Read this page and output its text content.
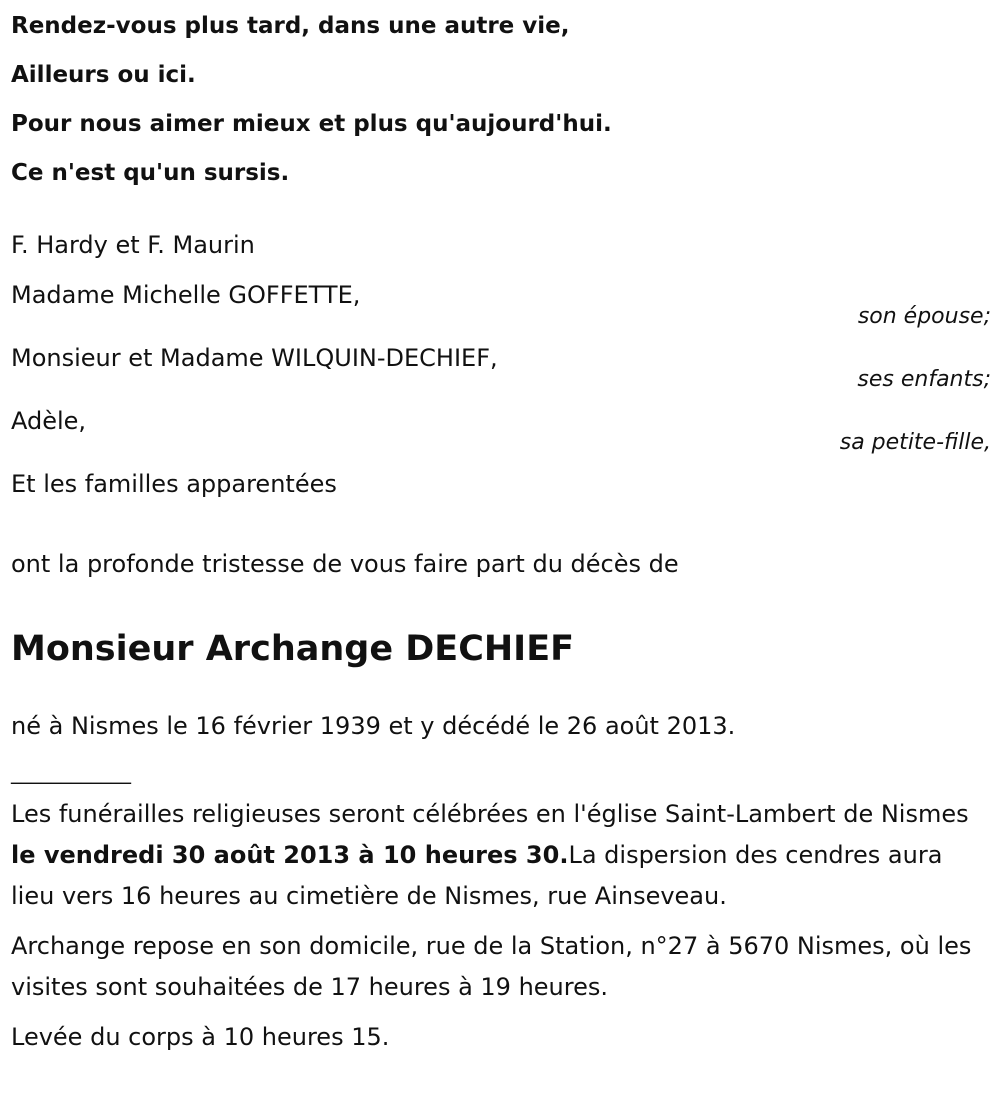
Rendez-vous plus tard, dans une autre vie,
Ailleurs ou ici.
Pour nous aimer mieux et plus qu'aujourd'hui.
Ce n'est qu'un sursis.
F. Hardy et F. Maurin
Madame Michelle GOFFETTE,
son épouse;
Monsieur et Madame WILQUIN-DECHIEF,
ses enfants;
Adèle,
sa petite-fille,
Et les familles apparentées
ont la profonde tristesse de vous faire part du décès de
Monsieur Archange DECHIEF
né à Nismes le 16 février 1939 et y décédé le 26 août 2013.
____________
Les funérailles religieuses seront célébrées en l'église Saint-Lambert de Nismes le vendredi 30 août 2013 à 10 heures 30.La dispersion des cendres aura lieu vers 16 heures au cimetière de Nismes, rue Ainseveau.
Archange repose en son domicile, rue de la Station, n°27 à 5670 Nismes, où les visites sont souhaitées de 17 heures à 19 heures.
Levée du corps à 10 heures 15.
